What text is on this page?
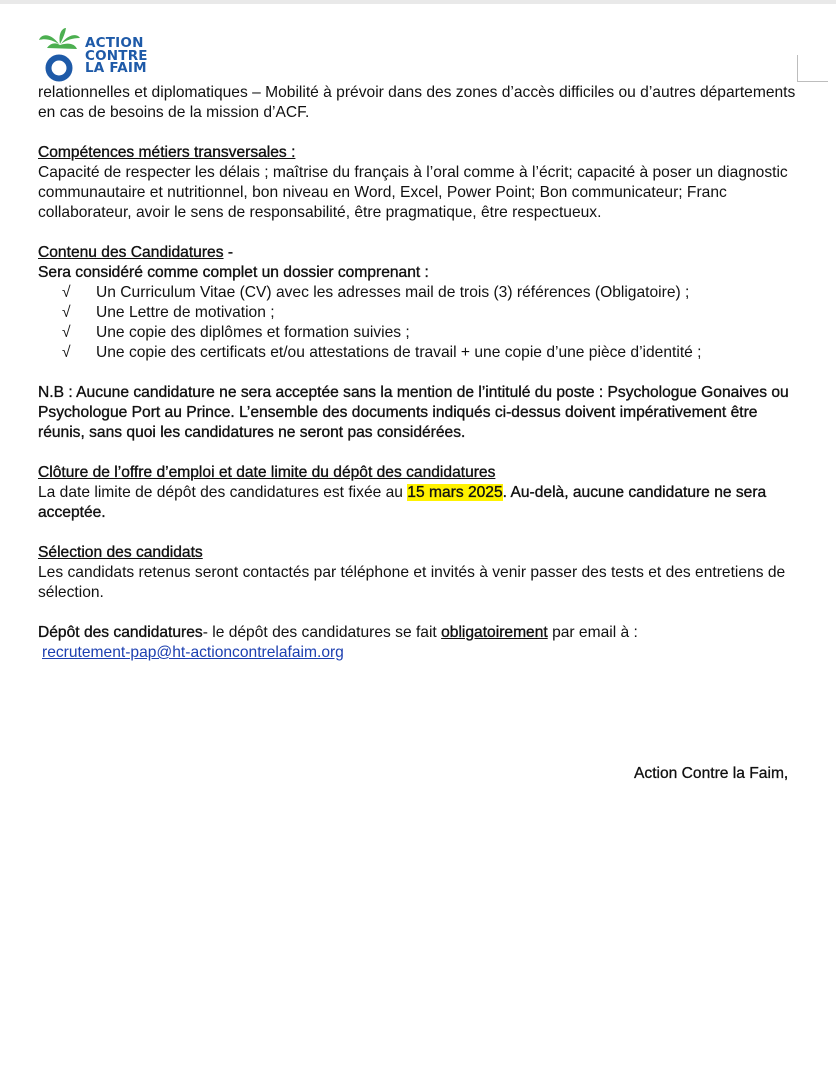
ACTION
CONTRE
LA FAIM

relationnelles et diplomatiques – Mobilité à prévoir dans des zones d’accès difficiles ou d’autres départements en cas de besoins de la mission d’ACF.

Compétences métiers transversales :
Capacité de respecter les délais ; maîtrise du français à l’oral comme à l’écrit; capacité à poser un diagnostic communautaire et nutritionnel, bon niveau en Word, Excel, Power Point; Bon communicateur; Franc collaborateur, avoir le sens de responsabilité, être pragmatique, être respectueux.

Contenu des Candidatures -

Sera considéré comme complet un dossier comprenant :

√ Un Curriculum Vitae (CV) avec les adresses mail de trois (3) références (Obligatoire) ;
√ Une Lettre de motivation ;
√ Une copie des diplômes et formation suivies ;
√ Une copie des certificats et/ou attestations de travail + une copie d’une pièce d’identité ;

N.B : Aucune candidature ne sera acceptée sans la mention de l’intitulé du poste : Psychologue Gonaives ou Psychologue Port au Prince. L’ensemble des documents indiqués ci-dessus doivent impérativement être réunis, sans quoi les candidatures ne seront pas considérées.

Clôture de l’offre d’emploi et date limite du dépôt des candidatures
La date limite de dépôt des candidatures est fixée au 15 mars 2025. Au-delà, aucune candidature ne sera acceptée.

Sélection des candidats
Les candidats retenus seront contactés par téléphone et invités à venir passer des tests et des entretiens de sélection.

Dépôt des candidatures- le dépôt des candidatures se fait obligatoirement par email à :
recrutement-pap@ht-actioncontrelafaim.org

Action Contre la Faim,
